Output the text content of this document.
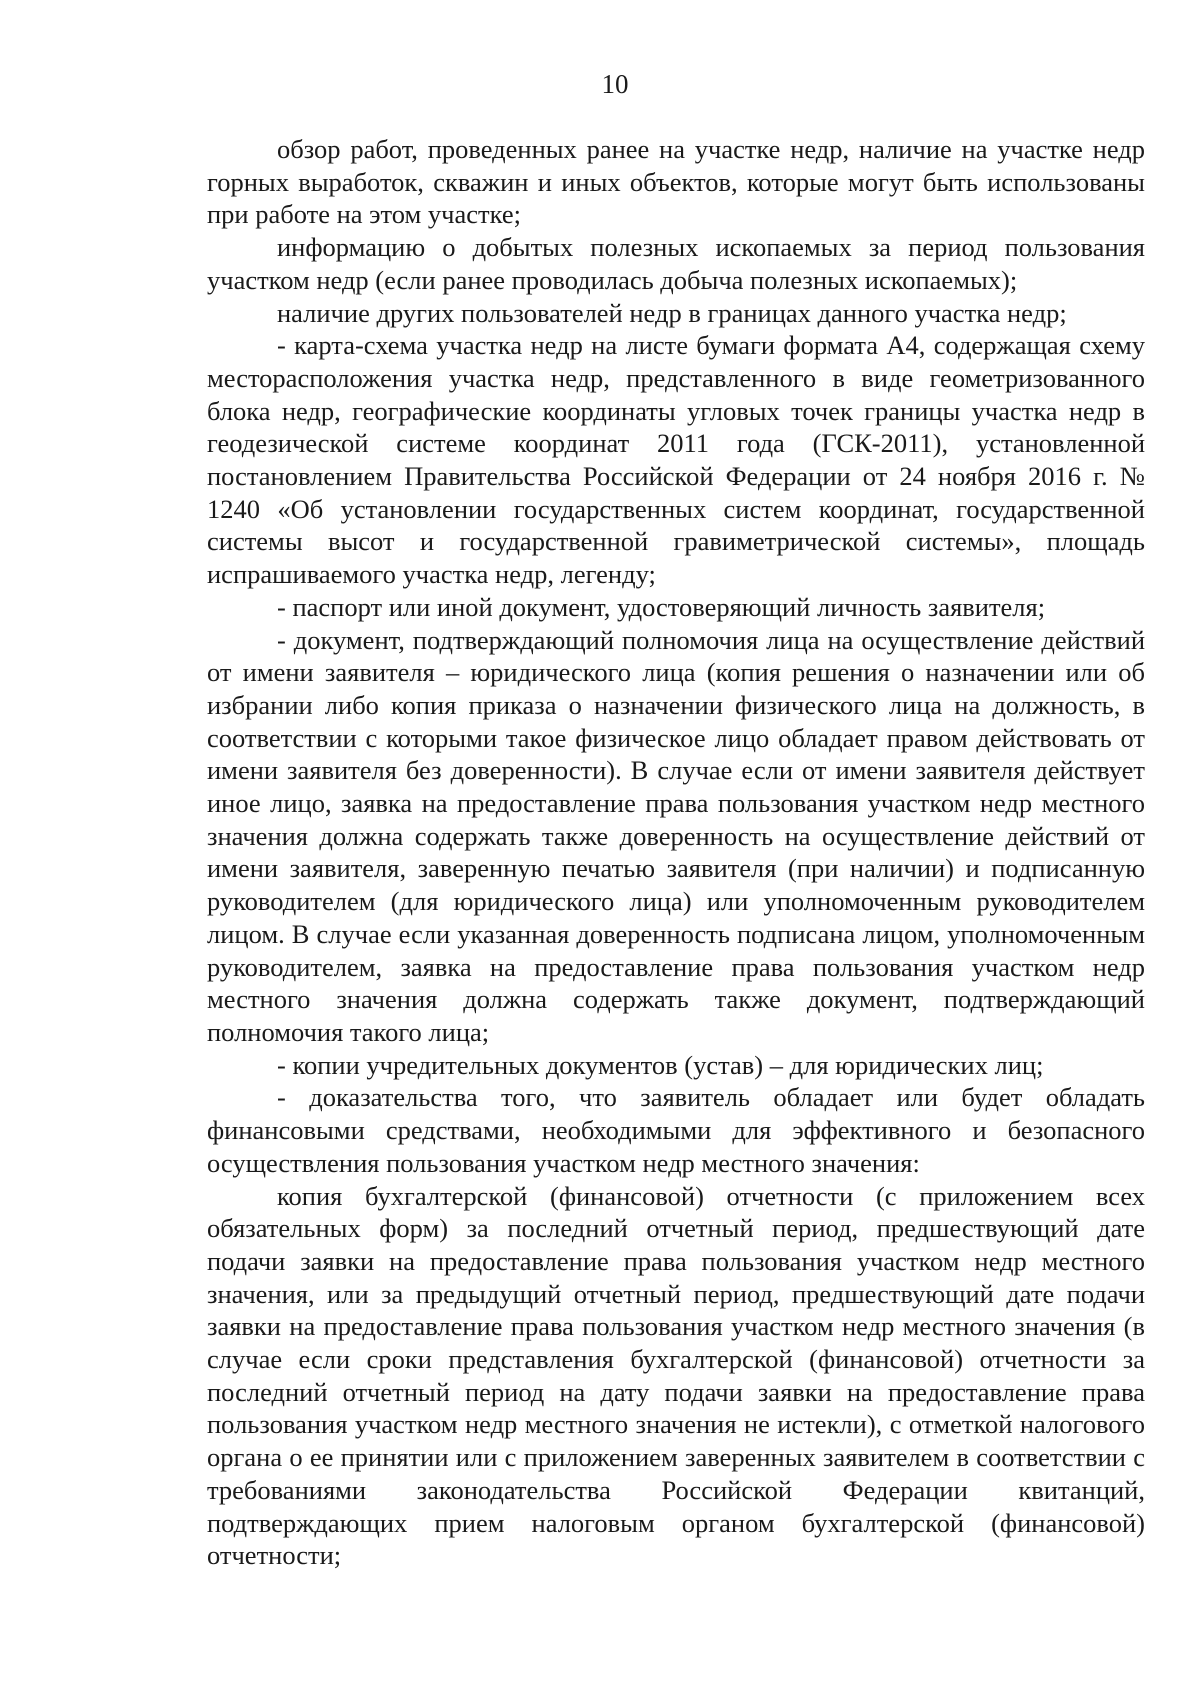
10

обзор работ, проведенных ранее на участке недр, наличие на участке недр горных выработок, скважин и иных объектов, которые могут быть использованы при работе на этом участке;

информацию о добытых полезных ископаемых за период пользования участком недр (если ранее проводилась добыча полезных ископаемых);

наличие других пользователей недр в границах данного участка недр;

- карта-схема участка недр на листе бумаги формата А4, содержащая схему месторасположения участка недр, представленного в виде геометризованного блока недр, географические координаты угловых точек границы участка недр в геодезической системе координат 2011 года (ГСК-2011), установленной постановлением Правительства Российской Федерации от 24 ноября 2016 г. № 1240 «Об установлении государственных систем координат, государственной системы высот и государственной гравиметрической системы», площадь испрашиваемого участка недр, легенду;

- паспорт или иной документ, удостоверяющий личность заявителя;

- документ, подтверждающий полномочия лица на осуществление действий от имени заявителя – юридического лица (копия решения о назначении или об избрании либо копия приказа о назначении физического лица на должность, в соответствии с которыми такое физическое лицо обладает правом действовать от имени заявителя без доверенности). В случае если от имени заявителя действует иное лицо, заявка на предоставление права пользования участком недр местного значения должна содержать также доверенность на осуществление действий от имени заявителя, заверенную печатью заявителя (при наличии) и подписанную руководителем (для юридического лица) или уполномоченным руководителем лицом. В случае если указанная доверенность подписана лицом, уполномоченным руководителем, заявка на предоставление права пользования участком недр местного значения должна содержать также документ, подтверждающий полномочия такого лица;

- копии учредительных документов (устав) – для юридических лиц;

- доказательства того, что заявитель обладает или будет обладать финансовыми средствами, необходимыми для эффективного и безопасного осуществления пользования участком недр местного значения:

копия бухгалтерской (финансовой) отчетности (с приложением всех обязательных форм) за последний отчетный период, предшествующий дате подачи заявки на предоставление права пользования участком недр местного значения, или за предыдущий отчетный период, предшествующий дате подачи заявки на предоставление права пользования участком недр местного значения (в случае если сроки представления бухгалтерской (финансовой) отчетности за последний отчетный период на дату подачи заявки на предоставление права пользования участком недр местного значения не истекли), с отметкой налогового органа о ее принятии или с приложением заверенных заявителем в соответствии с требованиями законодательства Российской Федерации квитанций, подтверждающих прием налоговым органом бухгалтерской (финансовой) отчетности;
